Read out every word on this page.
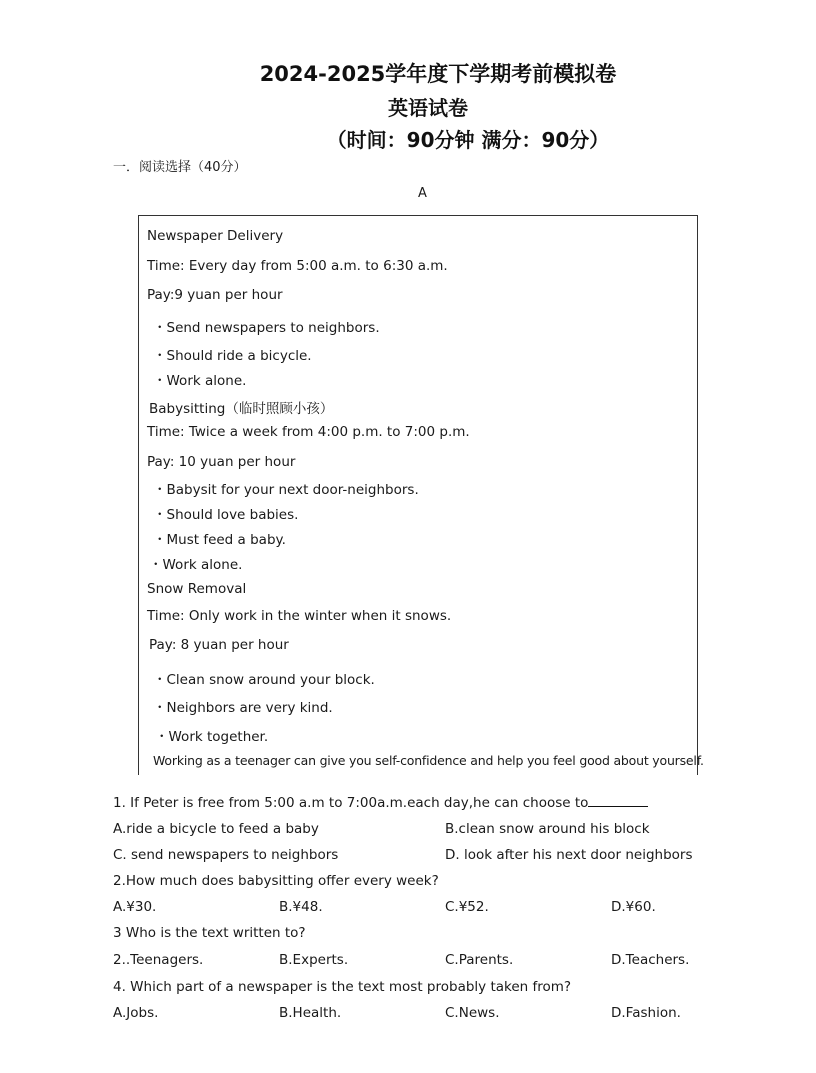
2024-2025学年度下学期考前模拟卷
英语试卷
（时间：90分钟 满分：90分）
一．阅读选择（40分）
A
Newspaper Delivery
Time: Every day from 5:00 a.m. to 6:30 a.m.
Pay:9 yuan per hour
・Send newspapers to neighbors.
・Should ride a bicycle.
・Work alone.
Babysitting（临时照顾小孩）
Time: Twice a week from 4:00 p.m. to 7:00 p.m.
Pay: 10 yuan per hour
・Babysit for your next door-neighbors.
・Should love babies.
・Must feed a baby.
・Work alone.
Snow Removal
Time: Only work in the winter when it snows.
Pay: 8 yuan per hour
・Clean snow around your block.
・Neighbors are very kind.
・Work together.
Working as a teenager can give you self-confidence and help you feel good about yourself.
1. If Peter is free from 5:00 a.m to 7:00a.m.each day,he can choose to
A.ride a bicycle to feed a baby	B.clean snow around his block
C. send newspapers to neighbors	D. look after his next door neighbors
2.How much does babysitting offer every week?
A.¥30.	B.¥48.	C.¥52.	D.¥60.
3 Who is the text written to?
2..Teenagers.	B.Experts.	C.Parents.	D.Teachers.
4. Which part of a newspaper is the text most probably taken from?
A.Jobs.	B.Health.	C.News.	D.Fashion.
